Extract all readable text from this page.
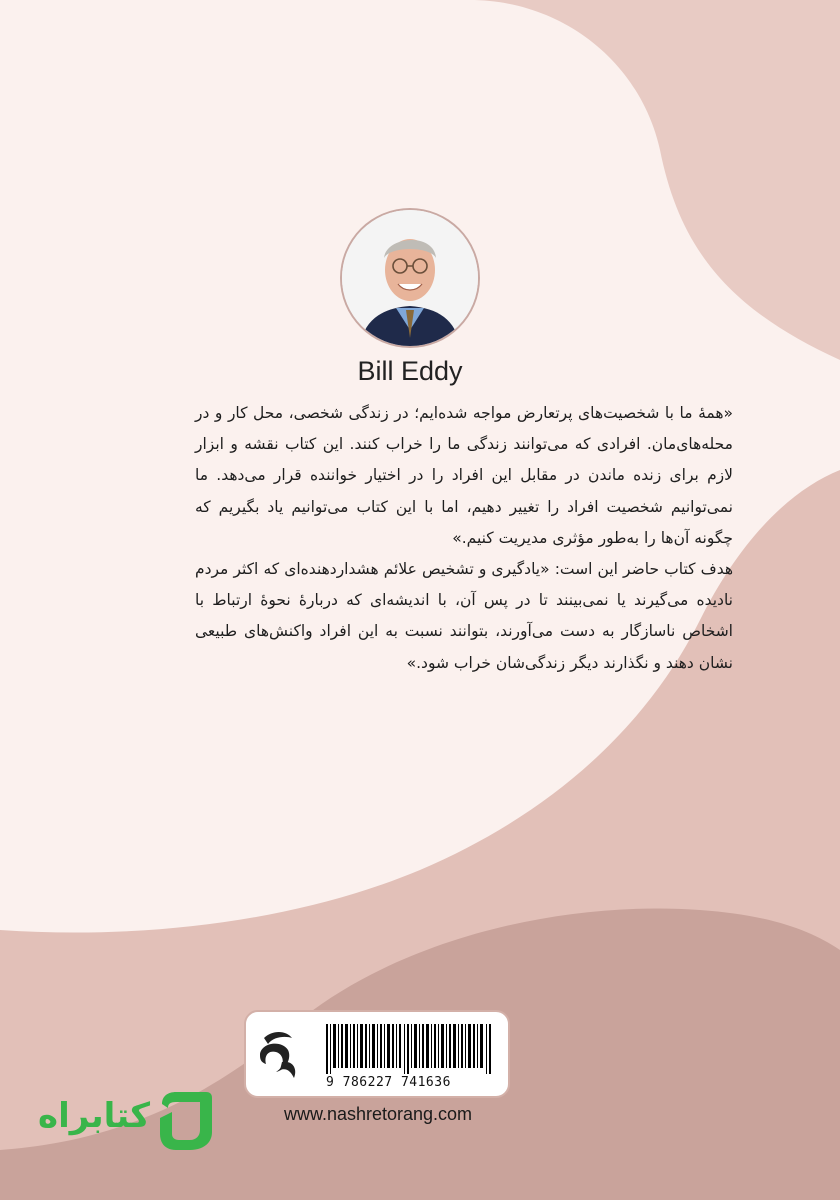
Bill Eddy

«همهٔ ما با شخصیت‌های پرتعارض مواجه شده‌ایم؛ در زندگی شخصی، محل کار و در محله‌های‌مان. افرادی که می‌توانند زندگی ما را خراب کنند. این کتاب نقشه و ابزار لازم برای زنده ماندن در مقابل این افراد را در اختیار خواننده قرار می‌دهد. ما نمی‌توانیم شخصیت افراد را تغییر دهیم، اما با این کتاب می‌توانیم یاد بگیریم که چگونه آن‌ها را به‌طور مؤثری مدیریت کنیم.»

هدف کتاب حاضر این است: «یادگیری و تشخیص علائم هشداردهنده‌ای که اکثر مردم نادیده می‌گیرند یا نمی‌بینند تا در پس آن، با اندیشه‌ای که دربارهٔ نحوهٔ ارتباط با اشخاص ناسازگار به دست می‌آورند، بتوانند نسبت به این افراد واکنش‌های طبیعی نشان دهند و نگذارند دیگر زندگی‌شان خراب شود.»

9 786227 741636
www.nashretorang.com
کتابراه
